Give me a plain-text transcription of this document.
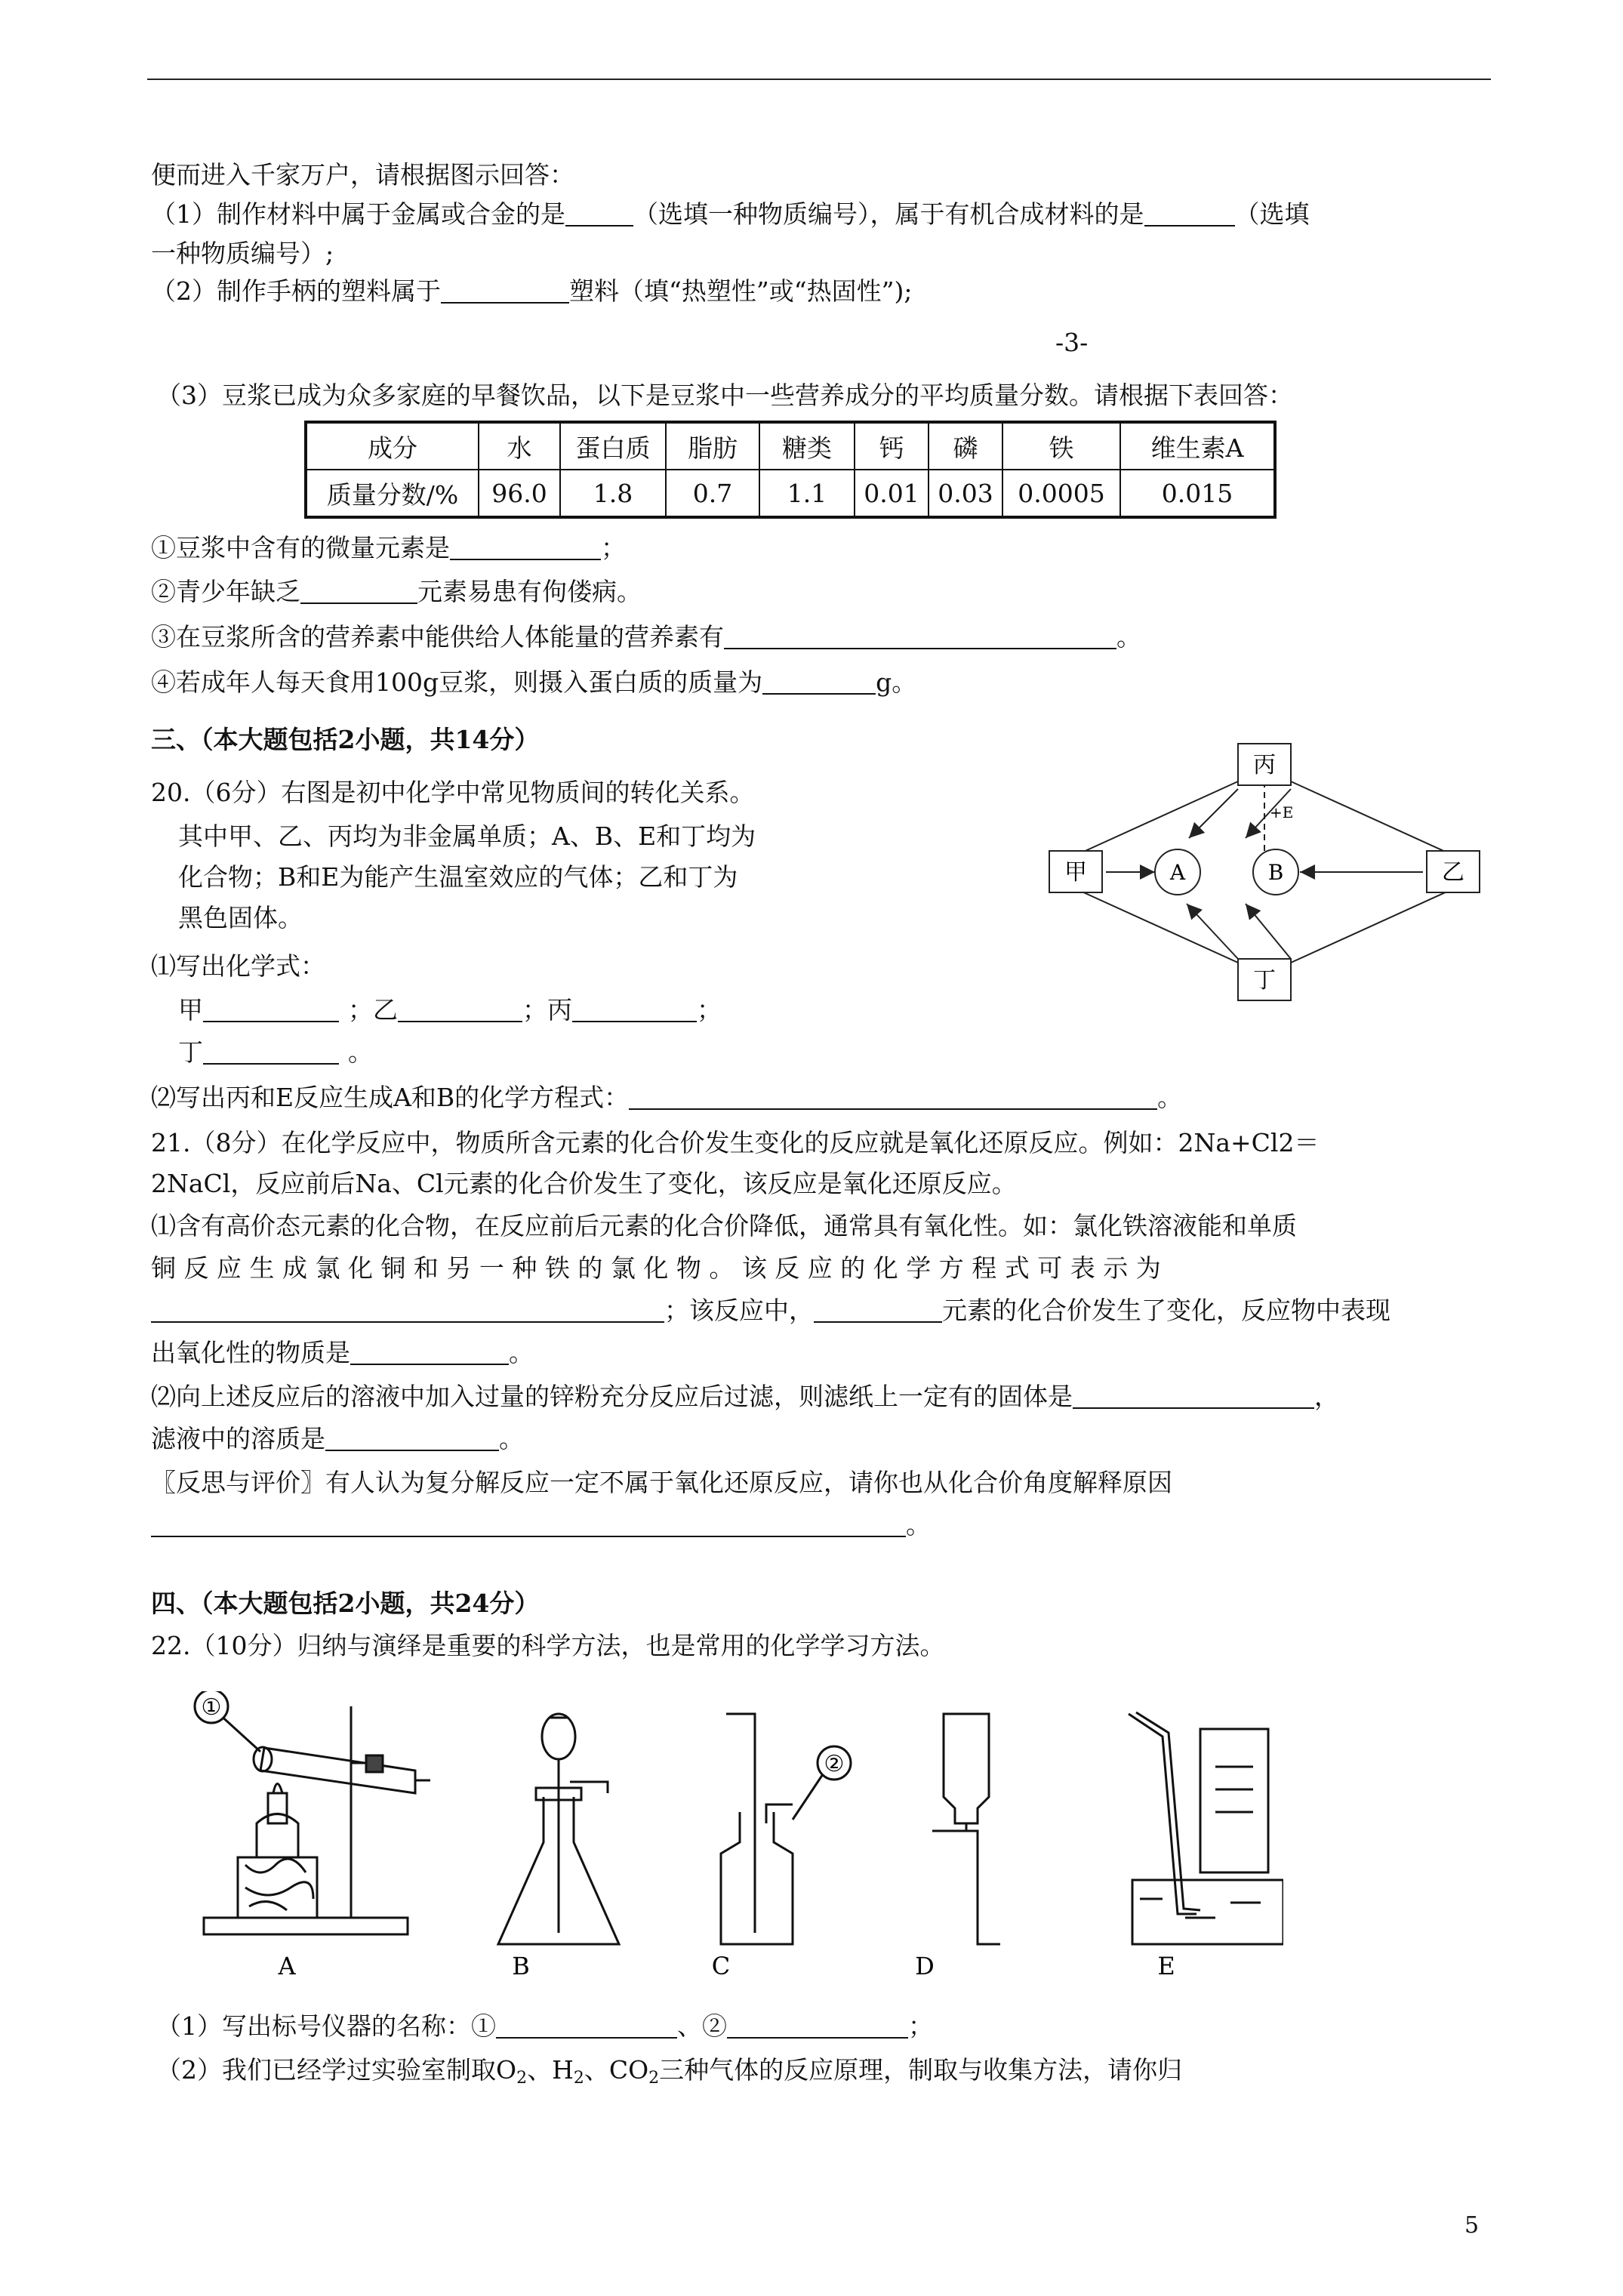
便而进入千家万户，请根据图示回答：
（1）制作材料中属于金属或合金的是	（选填一种物质编号），属于有机合成材料的是	（选填
一种物质编号）;
（2）制作手柄的塑料属于	塑料（填“热塑性”或“热固性”);
-3-
（3）豆浆已成为众多家庭的早餐饮品，以下是豆浆中一些营养成分的平均质量分数。请根据下表回答：
成分	水	蛋白质	脂肪	糖类	钙	磷	铁	维生素A
质量分数/%	96.0	1.8	0.7	1.1	0.01	0.03	0.0005	0.015
①豆浆中含有的微量元素是	；
②青少年缺乏	元素易患有佝偻病。
③在豆浆所含的营养素中能供给人体能量的营养素有	。
④若成年人每天食用100g豆浆，则摄入蛋白质的质量为	g。
三、（本大题包括2小题，共14分）
20.（6分）右图是初中化学中常见物质间的转化关系。
其中甲、乙、丙均为非金属单质；A、B、E和丁均为
化合物；B和E为能产生温室效应的气体；乙和丁为
黑色固体。
⑴写出化学式：
甲	；乙	；丙	；
丁	。
⑵写出丙和E反应生成A和B的化学方程式：	。
丙
甲	乙
丁
A	B
+E
21.（8分）在化学反应中，物质所含元素的化合价发生变化的反应就是氧化还原反应。例如：2Na+Cl2＝
2NaCl，反应前后Na、Cl元素的化合价发生了变化，该反应是氧化还原反应。
⑴含有高价态元素的化合物，在反应前后元素的化合价降低，通常具有氧化性。如：氯化铁溶液能和单质
铜 反 应 生 成 氯 化 铜 和 另 一 种 铁 的 氯 化 物 。 该 反 应 的 化 学 方 程 式 可 表 示 为
；该反应中，	元素的化合价发生了变化，反应物中表现
出氧化性的物质是	。
⑵向上述反应后的溶液中加入过量的锌粉充分反应后过滤，则滤纸上一定有的固体是	，
滤液中的溶质是	。
〖反思与评价〗有人认为复分解反应一定不属于氧化还原反应，请你也从化合价角度解释原因
。
四、（本大题包括2小题，共24分）
22.（10分）归纳与演绎是重要的科学方法，也是常用的化学学习方法。
①
②
A	B	C	D	E
（1）写出标号仪器的名称：①	、②	；
（2）我们已经学过实验室制取$O_2$、$H_2$、$CO_2$三种气体的反应原理，制取与收集方法，请你归
5
